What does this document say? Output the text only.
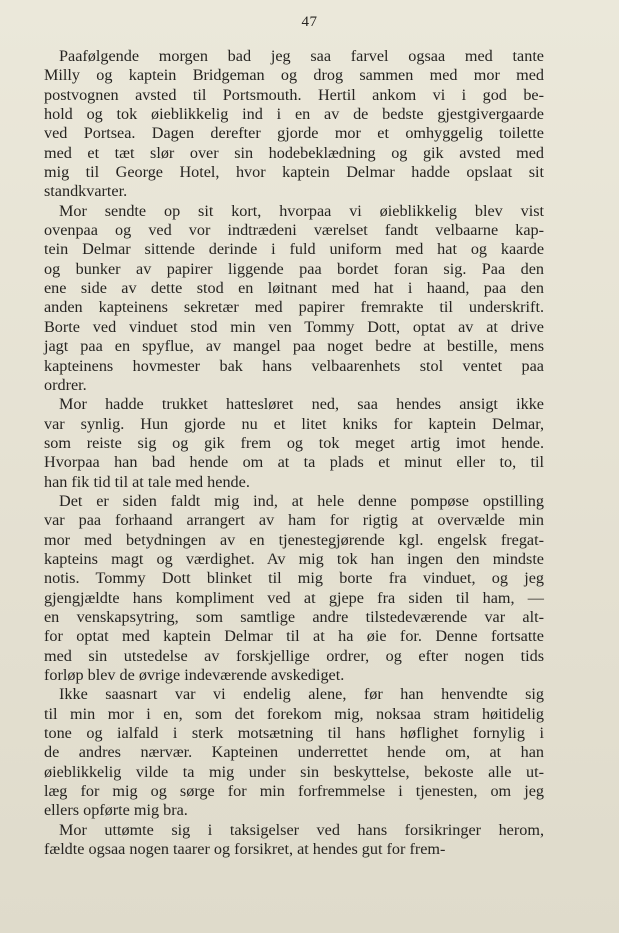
47
Paafølgende morgen bad jeg saa farvel ogsaa med tante
Milly og kaptein Bridgeman og drog sammen med mor med
postvognen avsted til Portsmouth. Hertil ankom vi i god be-
hold og tok øieblikkelig ind i en av de bedste gjestgivergaarde
ved Portsea. Dagen derefter gjorde mor et omhyggelig toilette
med et tæt slør over sin hodebeklædning og gik avsted med
mig til George Hotel, hvor kaptein Delmar hadde opslaat sit
standkvarter.
Mor sendte op sit kort, hvorpaa vi øieblikkelig blev vist
ovenpaa og ved vor indtrædeni værelset fandt velbaarne kap-
tein Delmar sittende derinde i fuld uniform med hat og kaarde
og bunker av papirer liggende paa bordet foran sig. Paa den
ene side av dette stod en løitnant med hat i haand, paa den
anden kapteinens sekretær med papirer fremrakte til underskrift.
Borte ved vinduet stod min ven Tommy Dott, optat av at drive
jagt paa en spyflue, av mangel paa noget bedre at bestille, mens
kapteinens hovmester bak hans velbaarenhets stol ventet paa
ordrer.
Mor hadde trukket hattesløret ned, saa hendes ansigt ikke
var synlig. Hun gjorde nu et litet kniks for kaptein Delmar,
som reiste sig og gik frem og tok meget artig imot hende.
Hvorpaa han bad hende om at ta plads et minut eller to, til
han fik tid til at tale med hende.
Det er siden faldt mig ind, at hele denne pompøse opstilling
var paa forhaand arrangert av ham for rigtig at overvælde min
mor med betydningen av en tjenestegjørende kgl. engelsk fregat-
kapteins magt og værdighet. Av mig tok han ingen den mindste
notis. Tommy Dott blinket til mig borte fra vinduet, og jeg
gjengjældte hans kompliment ved at gjepe fra siden til ham, —
en venskapsytring, som samtlige andre tilstedeværende var alt-
for optat med kaptein Delmar til at ha øie for. Denne fortsatte
med sin utstedelse av forskjellige ordrer, og efter nogen tids
forløp blev de øvrige indeværende avskediget.
Ikke saasnart var vi endelig alene, før han henvendte sig
til min mor i en, som det forekom mig, noksaa stram høitidelig
tone og ialfald i sterk motsætning til hans høflighet fornylig i
de andres nærvær. Kapteinen underrettet hende om, at han
øieblikkelig vilde ta mig under sin beskyttelse, bekoste alle ut-
læg for mig og sørge for min forfremmelse i tjenesten, om jeg
ellers opførte mig bra.
Mor uttømte sig i taksigelser ved hans forsikringer herom,
fældte ogsaa nogen taarer og forsikret, at hendes gut for frem-
